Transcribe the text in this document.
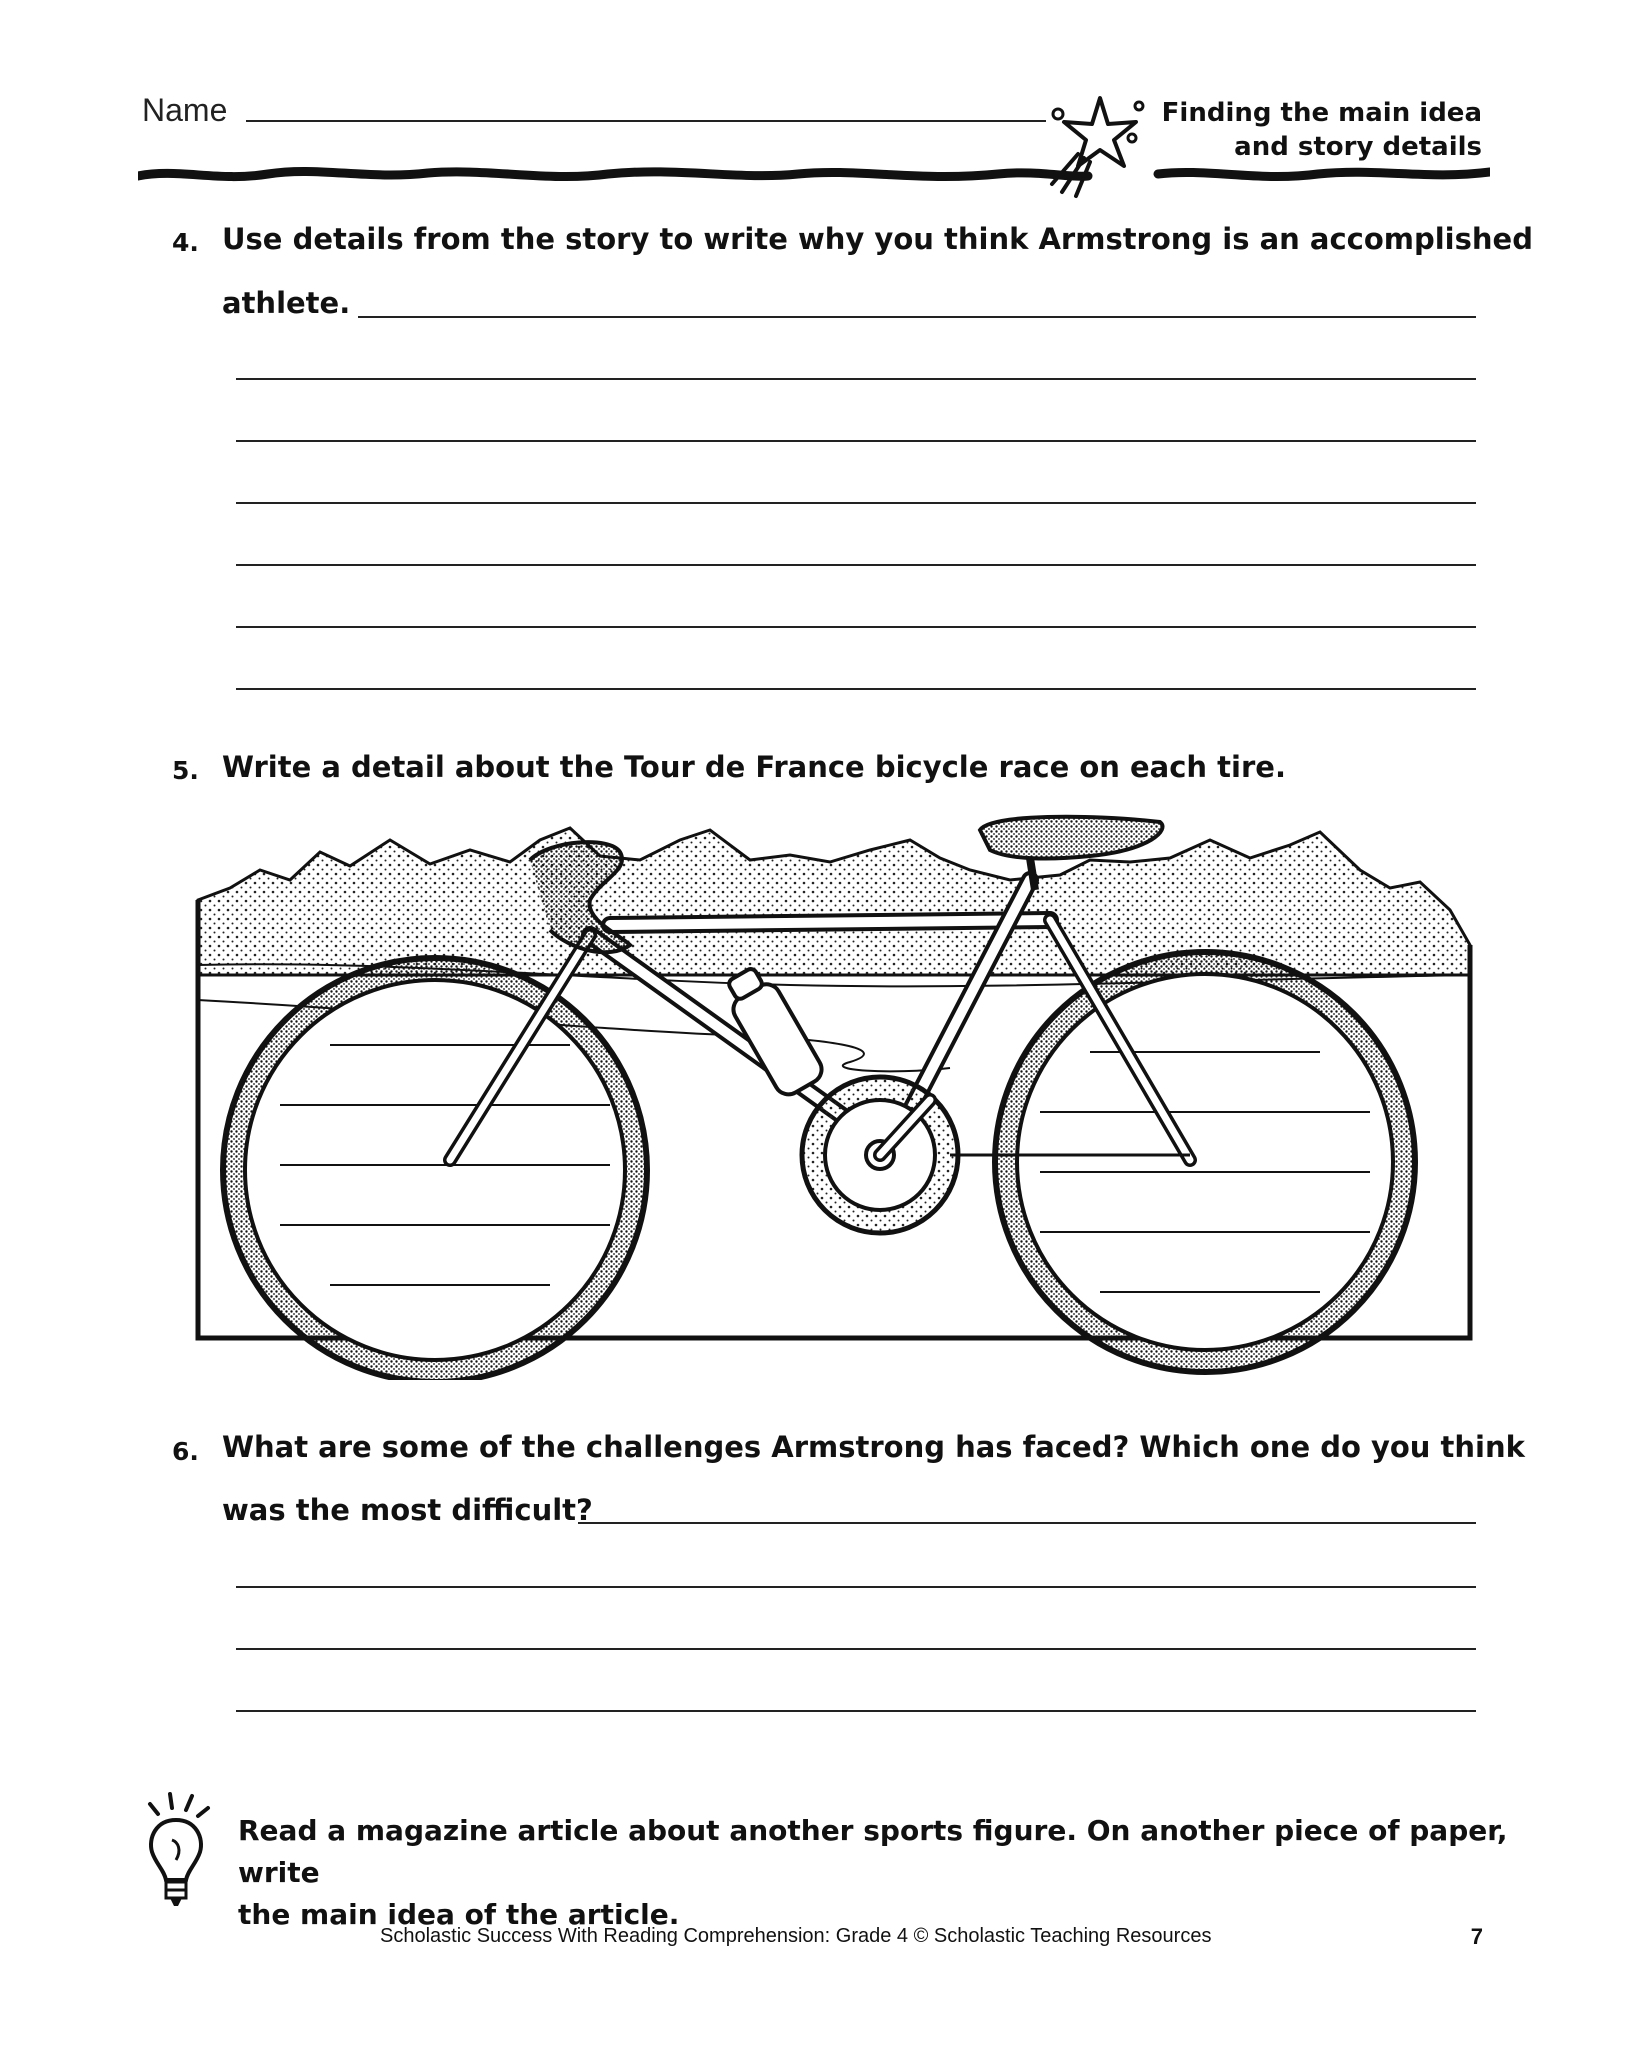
Name	Finding the main idea
and story details
4. Use details from the story to write why you think Armstrong is an accomplished
athlete.
5. Write a detail about the Tour de France bicycle race on each tire.
6. What are some of the challenges Armstrong has faced? Which one do you think
was the most difficult?
Read a magazine article about another sports figure. On another piece of paper, write
the main idea of the article.
Scholastic Success With Reading Comprehension: Grade 4 © Scholastic Teaching Resources	7
